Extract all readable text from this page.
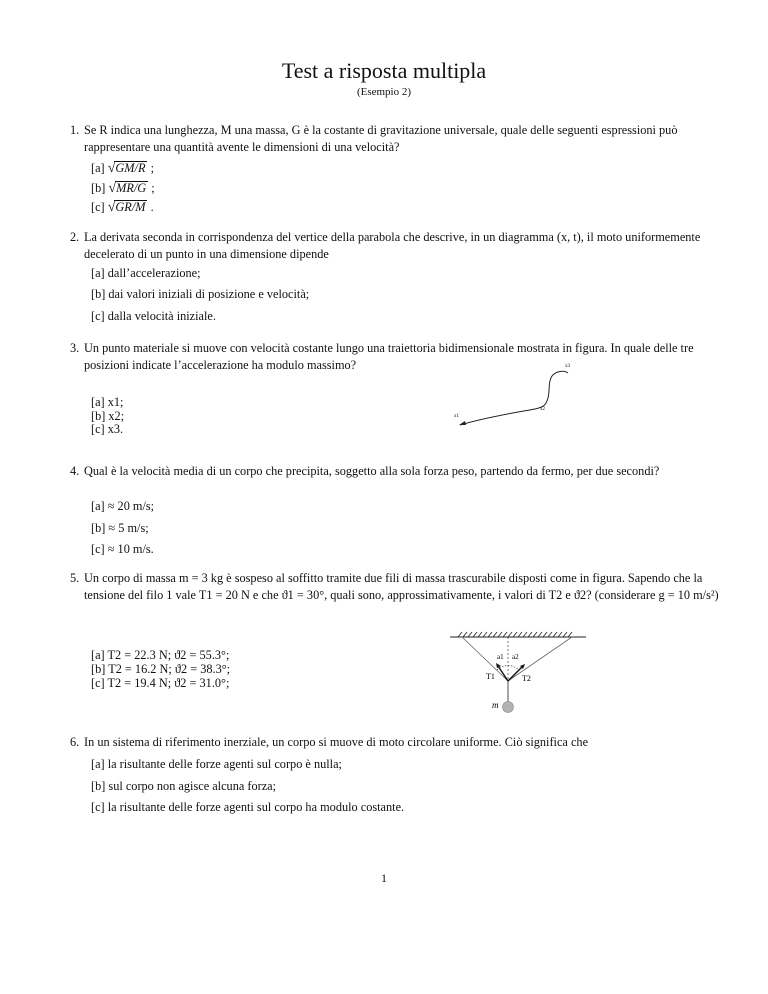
Test a risposta multipla
(Esempio 2)
1. Se R indica una lunghezza, M una massa, G è la costante di gravitazione universale, quale delle seguenti espressioni può rappresentare una quantità avente le dimensioni di una velocità?
[a] √GM/R ;
[b] √MR/G ;
[c] √GR/M .
2. La derivata seconda in corrispondenza del vertice della parabola che descrive, in un diagramma (x, t), il moto uniformemente decelerato di un punto in una dimensione dipende
[a] dall’accelerazione;
[b] dai valori iniziali di posizione e velocità;
[c] dalla velocità iniziale.
3. Un punto materiale si muove con velocità costante lungo una traiettoria bidimensionale mostrata in figura. In quale delle tre posizioni indicate l’accelerazione ha modulo massimo?
[a] x1;
[b] x2;
[c] x3.
x1
x2
x3
4. Qual è la velocità media di un corpo che precipita, soggetto alla sola forza peso, partendo da fermo, per due secondi?
[a] ≈ 20 m/s;
[b] ≈ 5 m/s;
[c] ≈ 10 m/s.
5. Un corpo di massa m = 3 kg è sospeso al soffitto tramite due fili di massa trascurabile disposti come in figura. Sapendo che la tensione del filo 1 vale T1 = 20 N e che ϑ1 = 30°, quali sono, approssimativamente, i valori di T2 e ϑ2? (considerare g = 10 m/s²)
[a] T2 = 22.3 N; ϑ2 = 55.3°;
[b] T2 = 16.2 N; ϑ2 = 38.3°;
[c] T2 = 19.4 N; ϑ2 = 31.0°;
a1 a2
T1	T2
m
6. In un sistema di riferimento inerziale, un corpo si muove di moto circolare uniforme. Ciò significa che
[a] la risultante delle forze agenti sul corpo è nulla;
[b] sul corpo non agisce alcuna forza;
[c] la risultante delle forze agenti sul corpo ha modulo costante.
1
